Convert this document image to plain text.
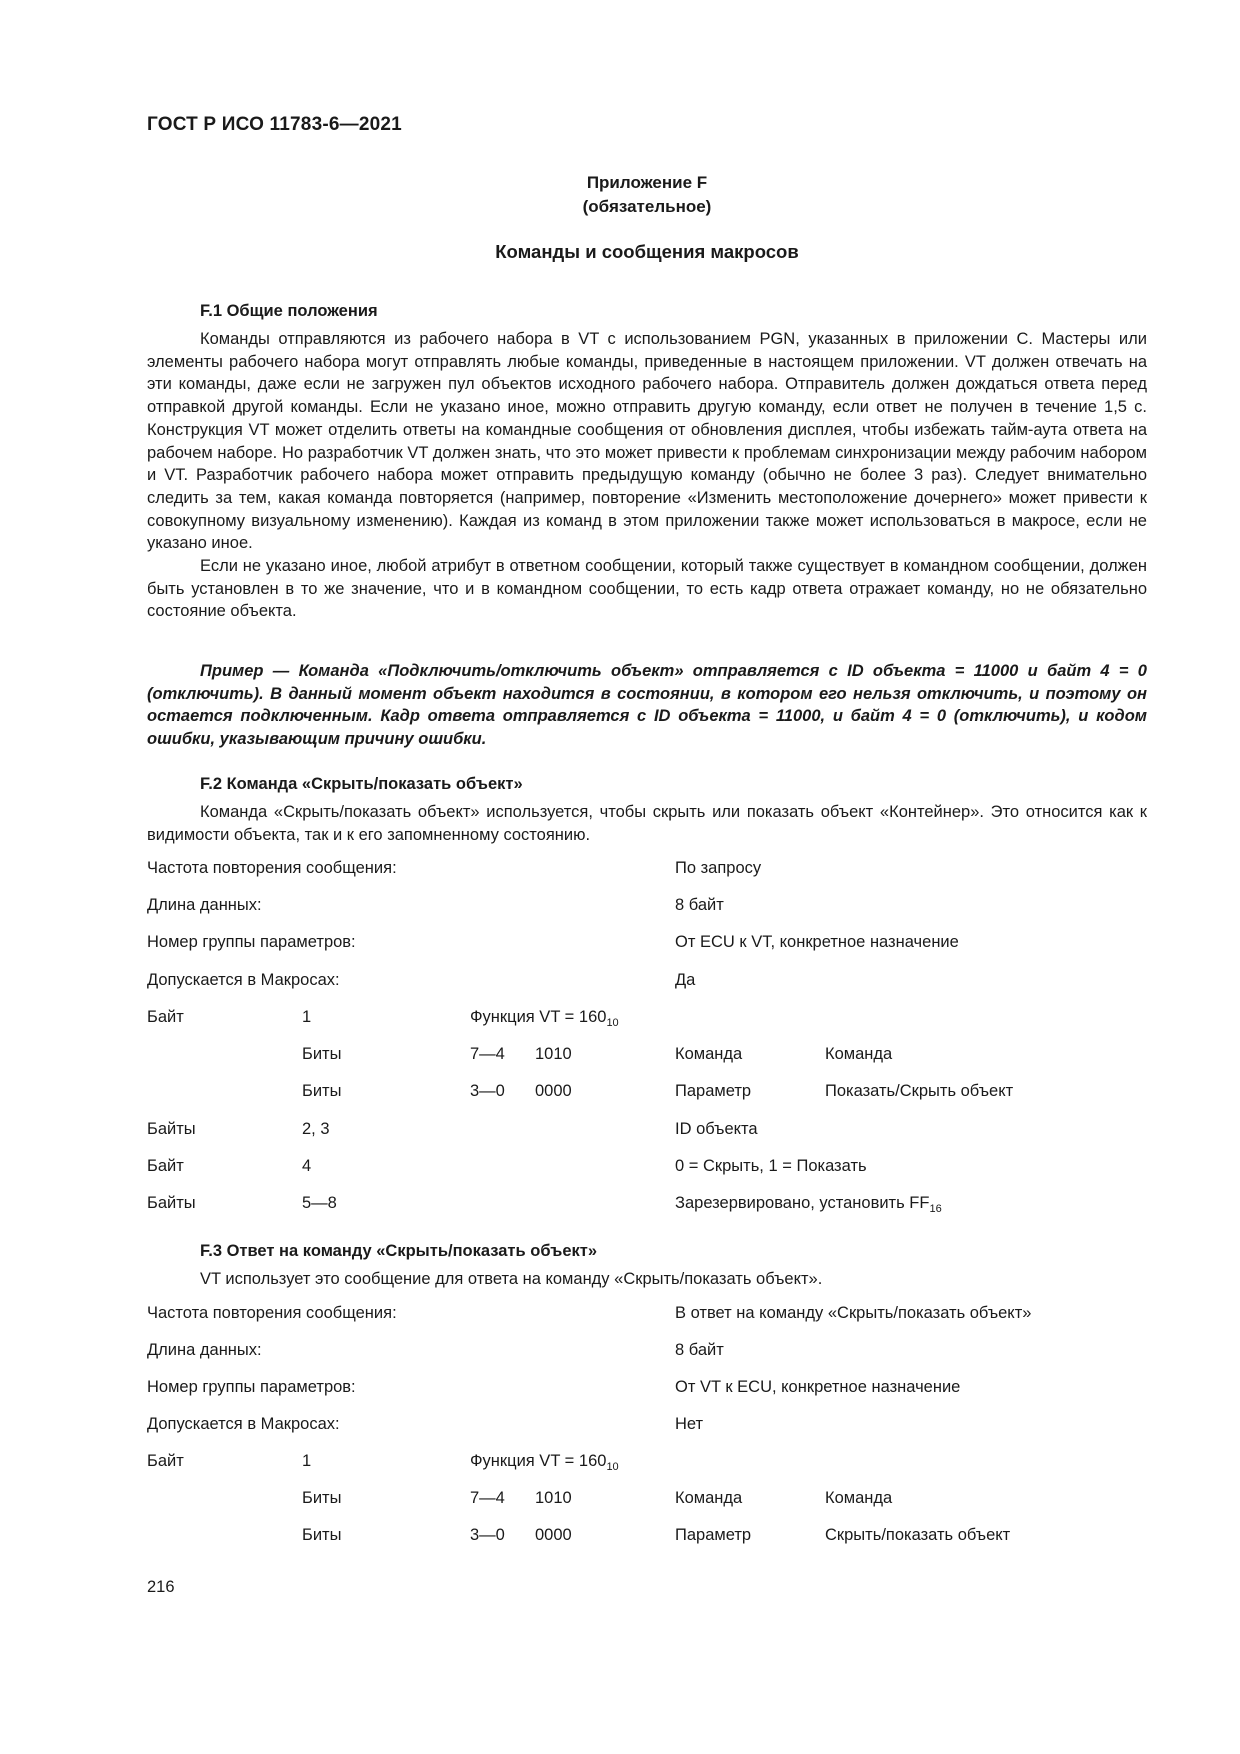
ГОСТ Р ИСО 11783-6—2021
Приложение F
(обязательное)
Команды и сообщения макросов
F.1 Общие положения

Команды отправляются из рабочего набора в VT с использованием PGN, указанных в приложении C. Мастеры или элементы рабочего набора могут отправлять любые команды, приведенные в настоящем приложении. VT должен отвечать на эти команды, даже если не загружен пул объектов исходного рабочего набора. Отправитель должен дождаться ответа перед отправкой другой команды. Если не указано иное, можно отправить другую команду, если ответ не получен в течение 1,5 с. Конструкция VT может отделить ответы на командные сообщения от обновления дисплея, чтобы избежать тайм-аута ответа на рабочем наборе. Но разработчик VT должен знать, что это может привести к проблемам синхронизации между рабочим набором и VT. Разработчик рабочего набора может отправить предыдущую команду (обычно не более 3 раз). Следует внимательно следить за тем, какая команда повторяется (например, повторение «Изменить местоположение дочернего» может привести к совокупному визуальному изменению). Каждая из команд в этом приложении также может использоваться в макросе, если не указано иное.

Если не указано иное, любой атрибут в ответном сообщении, который также существует в командном сообщении, должен быть установлен в то же значение, что и в командном сообщении, то есть кадр ответа отражает команду, но не обязательно состояние объекта.

Пример — Команда «Подключить/отключить объект» отправляется с ID объекта = 11000 и байт 4 = 0 (отключить). В данный момент объект находится в состоянии, в котором его нельзя отключить, и поэтому он остается подключенным. Кадр ответа отправляется с ID объекта = 11000, и байт 4 = 0 (отключить), и кодом ошибки, указывающим причину ошибки.

F.2 Команда «Скрыть/показать объект»

Команда «Скрыть/показать объект» используется, чтобы скрыть или показать объект «Контейнер». Это относится как к видимости объекта, так и к его запомненному состоянию.

Частота повторения сообщения:	По запросу
Длина данных:	8 байт
Номер группы параметров:	От ECU к VT, конкретное назначение
Допускается в Макросах:	Да
Байт	1	Функция VT = $160_{10}$
Биты	7—4 1010	Команда	Команда
Биты	3—0 0000	Параметр	Показать/Скрыть объект
Байты	2, 3	ID объекта
Байт	4	0 = Скрыть, 1 = Показать
Байты	5—8	Зарезервировано, установить $FF_{16}$
F.3 Ответ на команду «Скрыть/показать объект»

VT использует это сообщение для ответа на команду «Скрыть/показать объект».

Частота повторения сообщения:	В ответ на команду «Скрыть/показать объект»
Длина данных:	8 байт
Номер группы параметров:	От VT к ECU, конкретное назначение
Допускается в Макросах:	Нет
Байт	1	Функция VT = $160_{10}$
Биты	7—4 1010	Команда	Команда
Биты	3—0 0000	Параметр	Скрыть/показать объект
216
